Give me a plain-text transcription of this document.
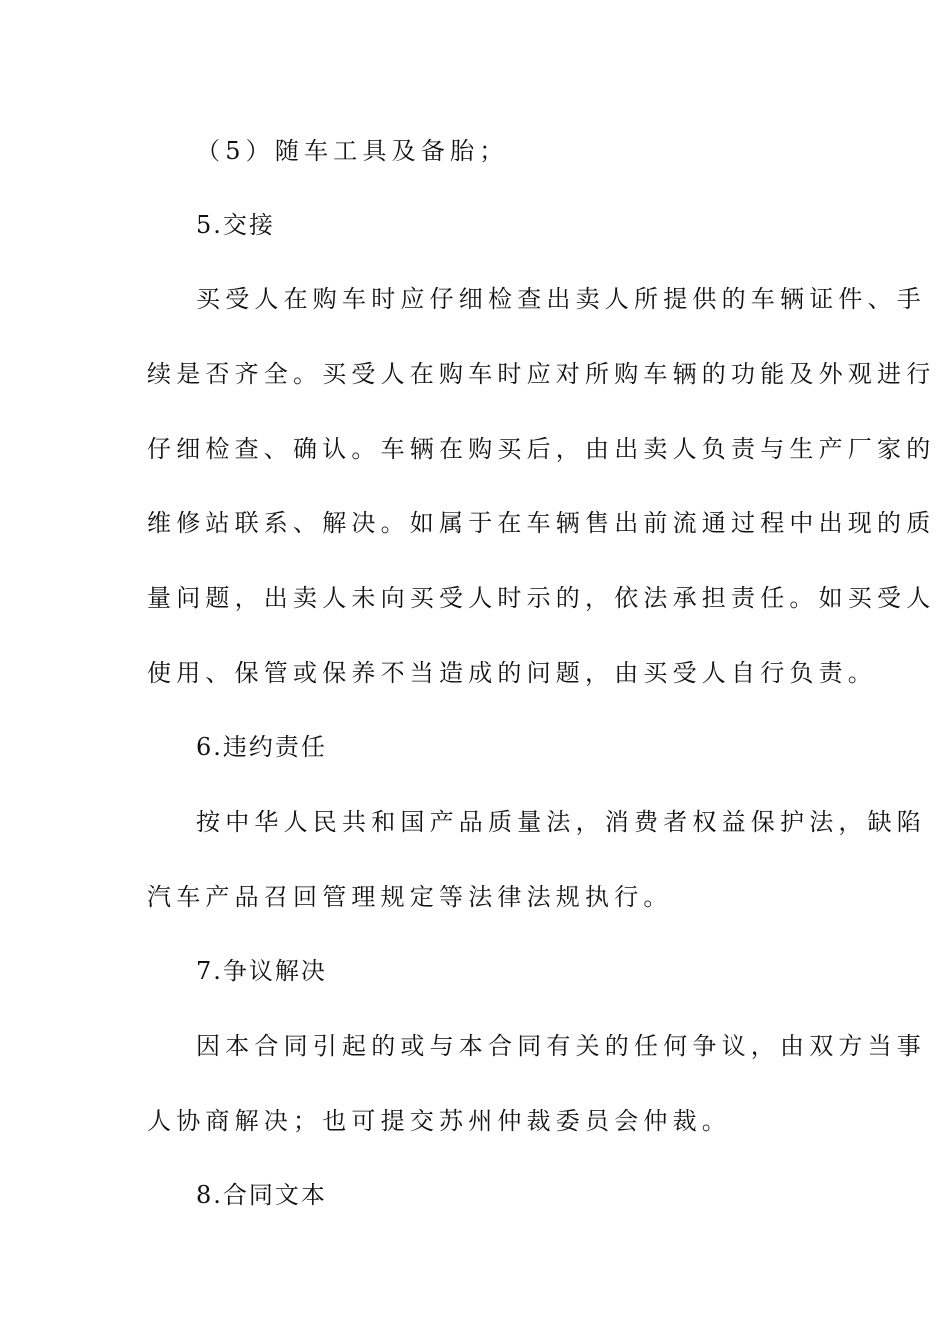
（5）随车工具及备胎；
5.交接
买受人在购车时应仔细检查出卖人所提供的车辆证件、手
续是否齐全。买受人在购车时应对所购车辆的功能及外观进行
仔细检查、确认。车辆在购买后，由出卖人负责与生产厂家的
维修站联系、解决。如属于在车辆售出前流通过程中出现的质
量问题，出卖人未向买受人时示的，依法承担责任。如买受人
使用、保管或保养不当造成的问题，由买受人自行负责。
6.违约责任
按中华人民共和国产品质量法，消费者权益保护法，缺陷
汽车产品召回管理规定等法律法规执行。
7.争议解决
因本合同引起的或与本合同有关的任何争议，由双方当事
人协商解决；也可提交苏州仲裁委员会仲裁。
8.合同文本
